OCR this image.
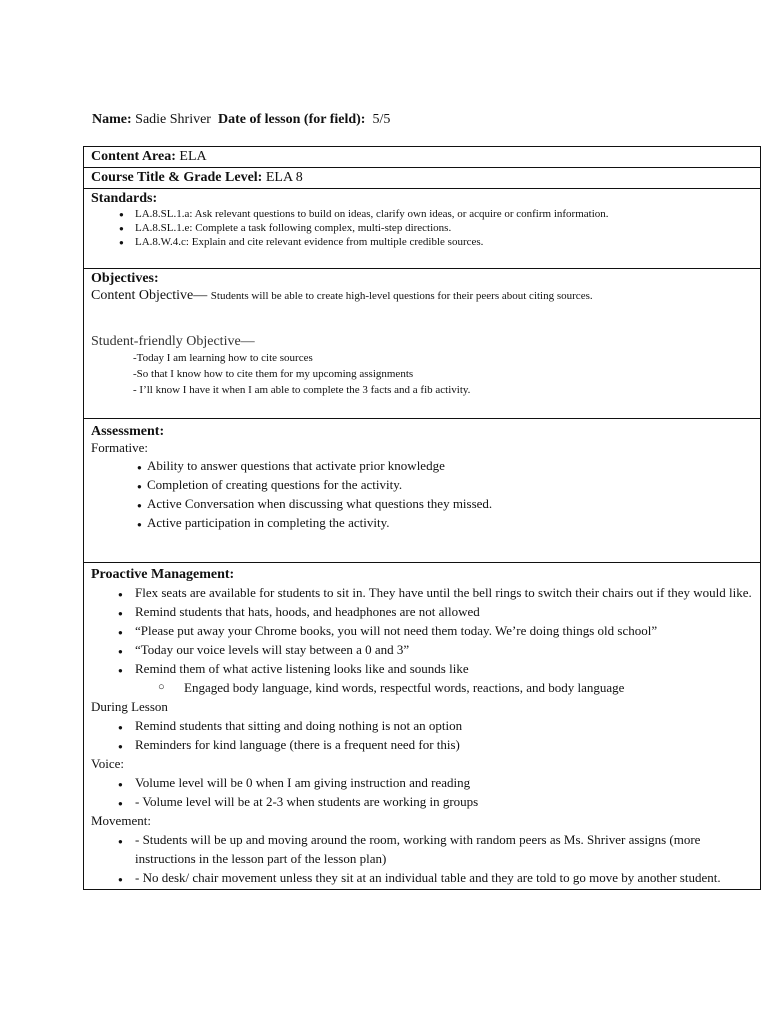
Name: Sadie Shriver Date of lesson (for field): 5/5
Content Area: ELA
Course Title & Grade Level: ELA 8
Standards:
● LA.8.SL.1.a: Ask relevant questions to build on ideas, clarify own ideas, or acquire or confirm information.
● LA.8.SL.1.e: Complete a task following complex, multi-step directions.
● LA.8.W.4.c: Explain and cite relevant evidence from multiple credible sources.
Objectives:
Content Objective— Students will be able to create high-level questions for their peers about citing sources.
Student-friendly Objective—
-Today I am learning how to cite sources
-So that I know how to cite them for my upcoming assignments
- I’ll know I have it when I am able to complete the 3 facts and a fib activity.
Assessment:
Formative:
● Ability to answer questions that activate prior knowledge
● Completion of creating questions for the activity.
● Active Conversation when discussing what questions they missed.
● Active participation in completing the activity.
Proactive Management:
● Flex seats are available for students to sit in. They have until the bell rings to switch their chairs out if they would like.
● Remind students that hats, hoods, and headphones are not allowed
● “Please put away your Chrome books, you will not need them today. We’re doing things old school”
● “Today our voice levels will stay between a 0 and 3”
● Remind them of what active listening looks like and sounds like
○ Engaged body language, kind words, respectful words, reactions, and body language
During Lesson
● Remind students that sitting and doing nothing is not an option
● Reminders for kind language (there is a frequent need for this)
Voice:
● Volume level will be 0 when I am giving instruction and reading
● - Volume level will be at 2-3 when students are working in groups
Movement:
● - Students will be up and moving around the room, working with random peers as Ms. Shriver assigns (more instructions in the lesson part of the lesson plan)
● - No desk/ chair movement unless they sit at an individual table and they are told to go move by another student.
